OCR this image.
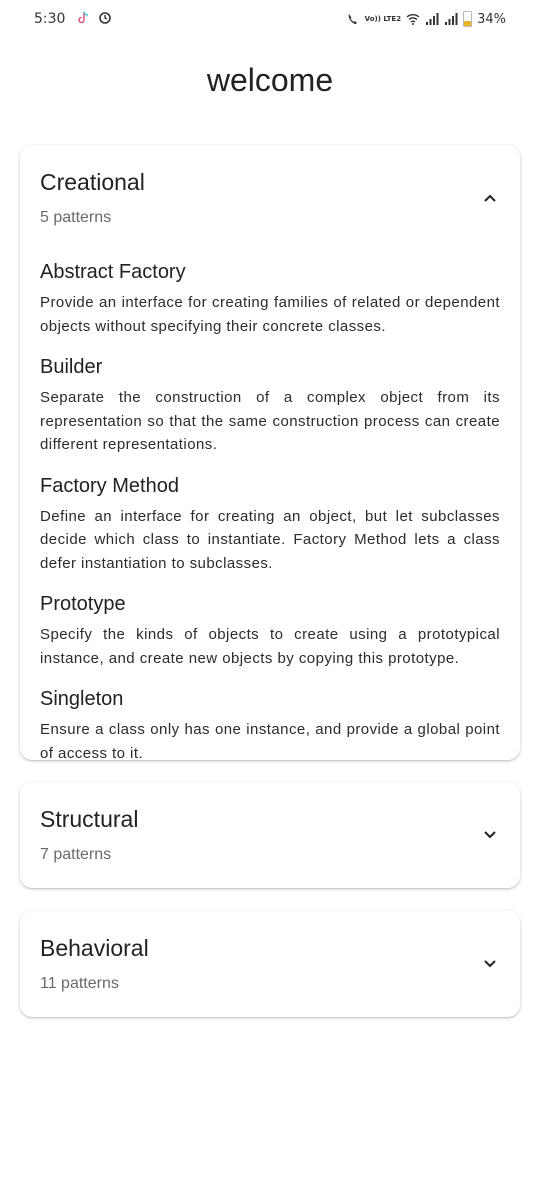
5:30	Vo)) LTE2	34%
welcome
Creational
5 patterns
Abstract Factory
Provide an interface for creating families of related or dependent objects without specifying their concrete classes.
Builder
Separate the construction of a complex object from its representation so that the same construction process can create different representations.
Factory Method
Define an interface for creating an object, but let subclasses decide which class to instantiate. Factory Method lets a class defer instantiation to subclasses.
Prototype
Specify the kinds of objects to create using a prototypical instance, and create new objects by copying this prototype.
Singleton
Ensure a class only has one instance, and provide a global point of access to it.
Structural
7 patterns
Behavioral
11 patterns
